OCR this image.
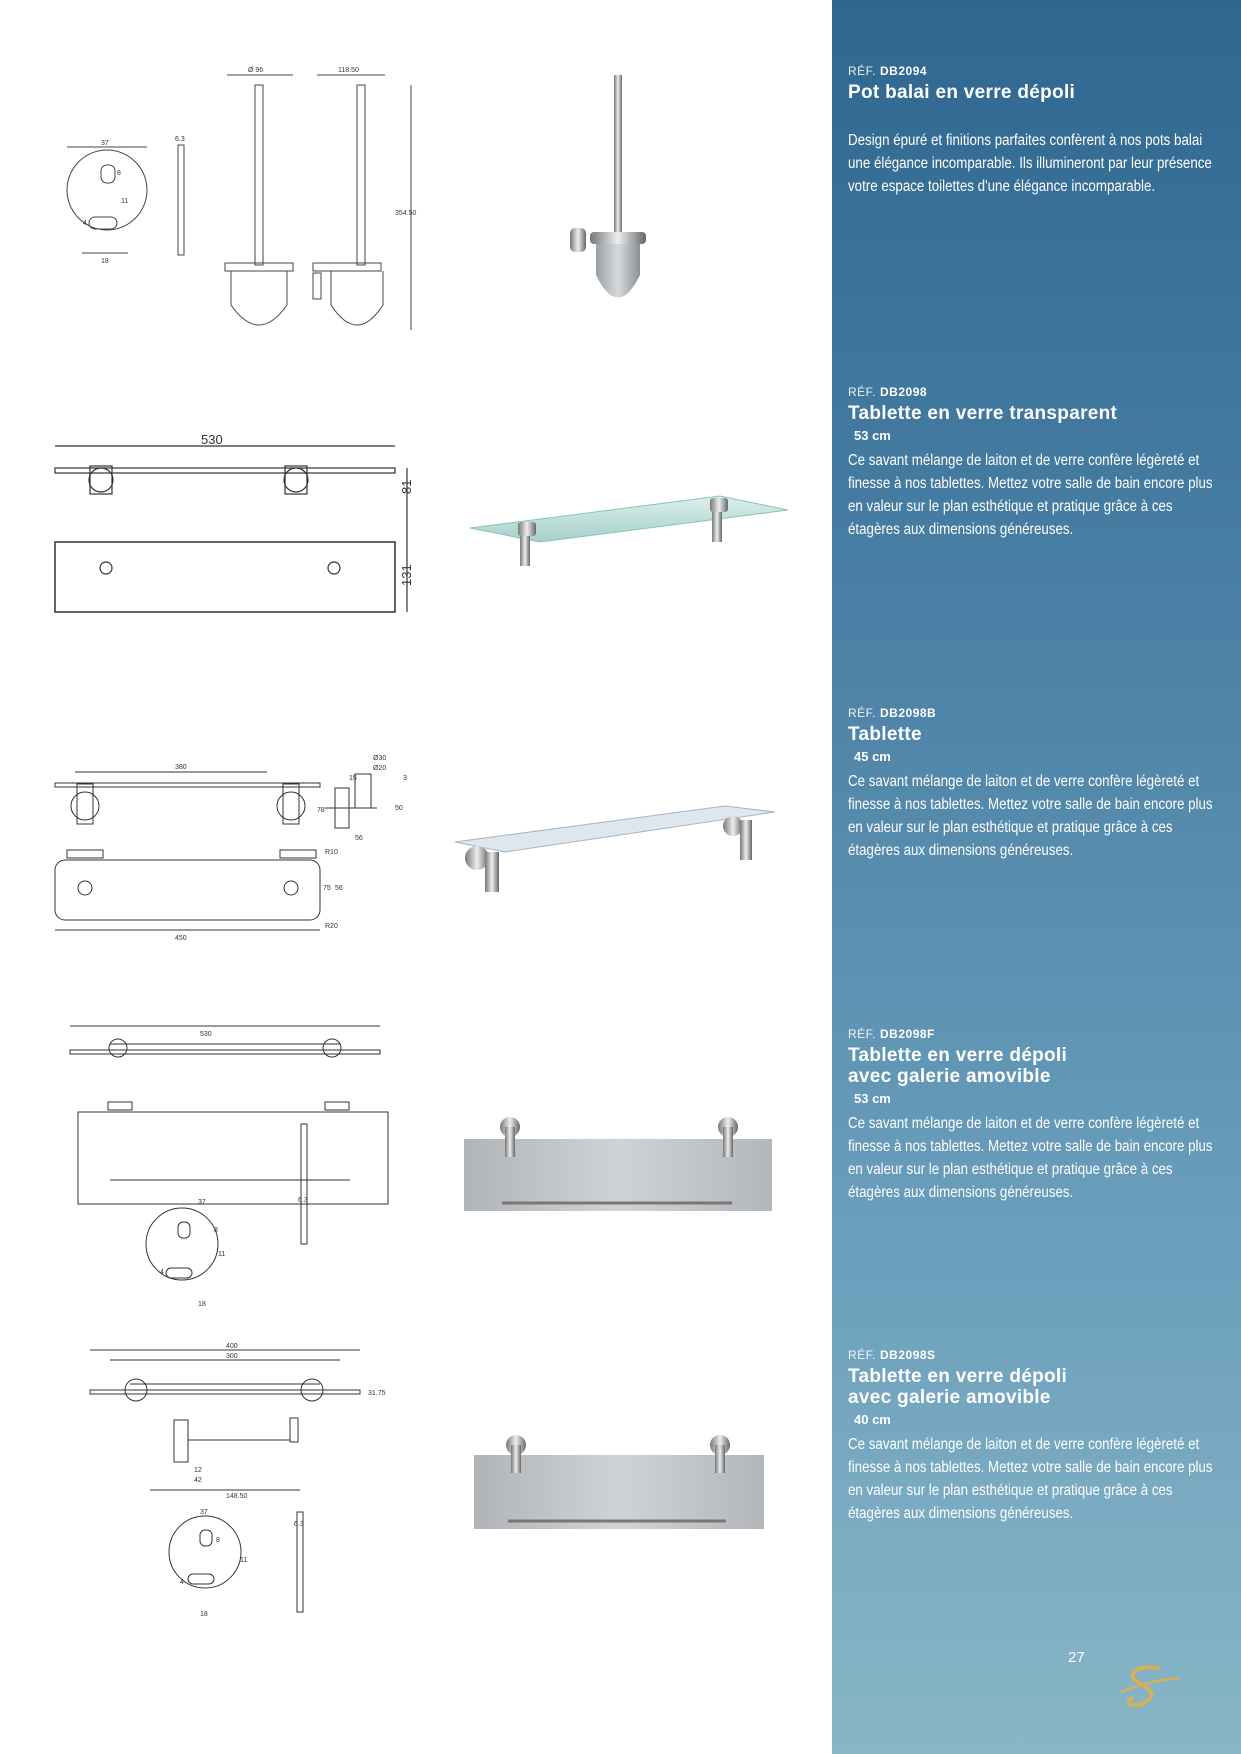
RÉF. DB2094
Pot balai en verre dépoli
Design épuré et finitions parfaites confèrent à nos pots balai une élégance incomparable. Ils illumineront par leur présence votre espace toilettes d'une élégance incomparable.
RÉF. DB2098
Tablette en verre transparent
53 cm
Ce savant mélange de laiton et de verre confère légèreté et finesse à nos tablettes. Mettez votre salle de bain encore plus en valeur sur le plan esthétique et pratique grâce à ces étagères aux dimensions généreuses.
RÉF. DB2098B
Tablette
45 cm
Ce savant mélange de laiton et de verre confère légèreté et finesse à nos tablettes. Mettez votre salle de bain encore plus en valeur sur le plan esthétique et pratique grâce à ces étagères aux dimensions généreuses.
RÉF. DB2098F
Tablette en verre dépoli avec galerie amovible
53 cm
Ce savant mélange de laiton et de verre confère légèreté et finesse à nos tablettes. Mettez votre salle de bain encore plus en valeur sur le plan esthétique et pratique grâce à ces étagères aux dimensions généreuses.
RÉF. DB2098S
Tablette en verre dépoli avec galerie amovible
40 cm
Ce savant mélange de laiton et de verre confère légèreté et finesse à nos tablettes. Mettez votre salle de bain encore plus en valeur sur le plan esthétique et pratique grâce à ces étagères aux dimensions généreuses.
27
37
18
6.3
8
11
4
Ø 96	118.50
354.50
530
81
131
380
450
78
Ø30
Ø20
R10
R20
50
56
75 56
15	3
530
37
18
6.3
8
11
4
400
300
31.75
12
42
148.50
37
18
6.3
8
11
4
